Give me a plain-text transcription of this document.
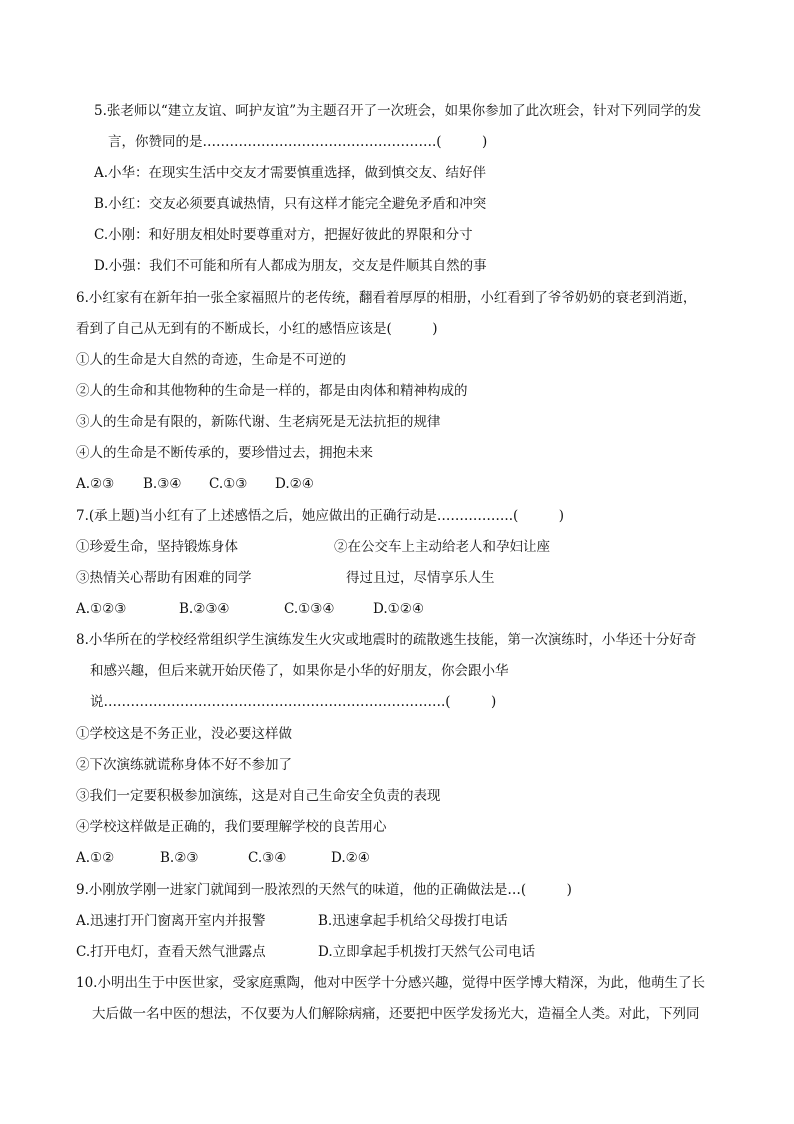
5.张老师以“建立友谊、呵护友谊”为主题召开了一次班会，如果你参加了此次班会，针对下列同学的发
言，你赞同的是…………………………………………….(　　　)
A.小华：在现实生活中交友才需要慎重选择，做到慎交友、结好伴
B.小红：交友必须要真诚热情，只有这样才能完全避免矛盾和冲突
C.小刚：和好朋友相处时要尊重对方，把握好彼此的界限和分寸
D.小强：我们不可能和所有人都成为朋友，交友是件顺其自然的事
6.小红家有在新年拍一张全家福照片的老传统，翻看着厚厚的相册，小红看到了爷爷奶奶的衰老到消逝，
看到了自己从无到有的不断成长，小红的感悟应该是(　　　)
①人的生命是大自然的奇迹，生命是不可逆的
②人的生命和其他物种的生命是一样的，都是由肉体和精神构成的
③人的生命是有限的，新陈代谢、生老病死是无法抗拒的规律
④人的生命是不断传承的，要珍惜过去，拥抱未来
A.②③ B.③④ C.①③ D.②④
7.(承上题)当小红有了上述感悟之后，她应做出的正确行动是……………..(　　　)
①珍爱生命，坚持锻炼身体	②在公交车上主动给老人和孕妇让座
③热情关心帮助有困难的同学	得过且过，尽情享乐人生
A.①②③	B.②③④	C.①③④	D.①②④
8.小华所在的学校经常组织学生演练发生火灾或地震时的疏散逃生技能，第一次演练时，小华还十分好奇
和感兴趣，但后来就开始厌倦了，如果你是小华的好朋友，你会跟小华
说………………………………………………………………….(　　　)
①学校这是不务正业，没必要这样做
②下次演练就谎称身体不好不参加了
③我们一定要积极参加演练，这是对自己生命安全负责的表现
④学校这样做是正确的，我们要理解学校的良苦用心
A.①②	B.②③	C.③④	D.②④
9.小刚放学刚一进家门就闻到一股浓烈的天然气的味道，他的正确做法是…(　　　)
A.迅速打开门窗离开室内并报警	B.迅速拿起手机给父母拨打电话
C.打开电灯，查看天然气泄露点	D.立即拿起手机拨打天然气公司电话
10.小明出生于中医世家，受家庭熏陶，他对中医学十分感兴趣，觉得中医学博大精深，为此，他萌生了长
大后做一名中医的想法，不仅要为人们解除病痛，还要把中医学发扬光大，造福全人类。对此，下列同
